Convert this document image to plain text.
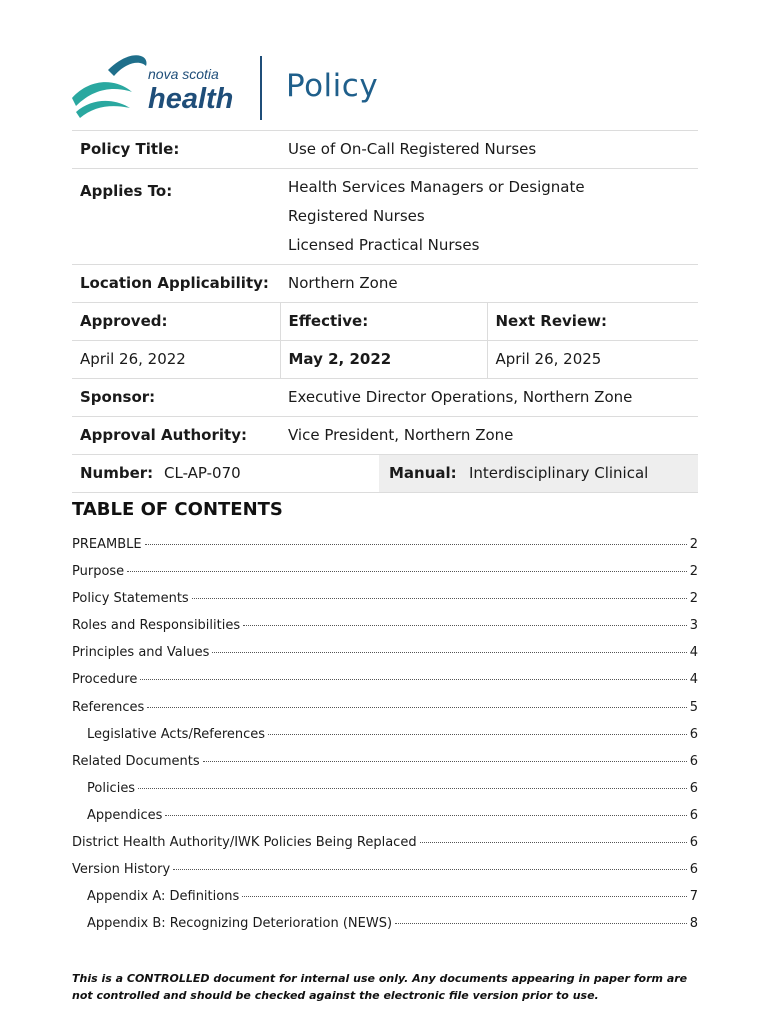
nova scotia
health Policy
Policy Title:	Use of On-Call Registered Nurses	
Applies To:	Health Services Managers or Designate
Registered Nurses
Licensed Practical Nurses	

Location Applicability:	Northern Zone	
Approved:	Effective:	Next Review:
April 26, 2022	May 2, 2022	April 26, 2025
Sponsor:	Executive Director Operations, Northern Zone	
Approval Authority:	Vice President, Northern Zone	

Number: CL-AP-070		Manual: Interdisciplinary Clinical
TABLE OF CONTENTS
PREAMBLE	2
Purpose	2
Policy Statements	2
Roles and Responsibilities	3
Principles and Values	4
Procedure	4
References	5
Legislative Acts/References	6
Related Documents	6
Policies	6
Appendices	6
District Health Authority/IWK Policies Being Replaced	6
Version History	6
Appendix A: Definitions	7
Appendix B: Recognizing Deterioration (NEWS)	8
This is a CONTROLLED document for internal use only. Any documents appearing in paper form are not controlled and should be checked against the electronic file version prior to use.
